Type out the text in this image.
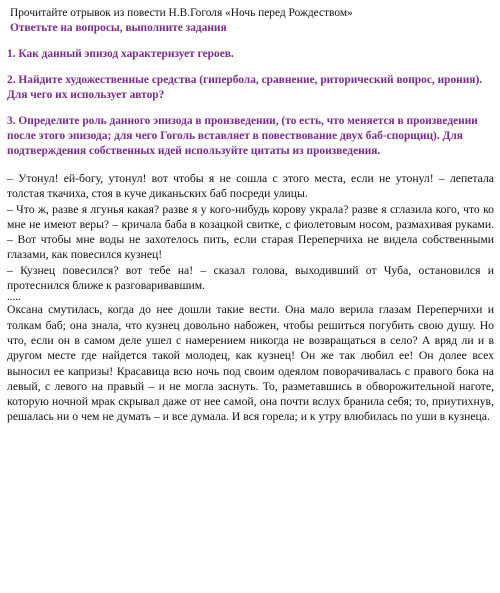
Прочитайте отрывок из повести Н.В.Гоголя «Ночь перед Рождеством»
Ответьте на вопросы, выполните задания

1. Как данный эпизод характеризует героев.

2. Найдите художественные средства (гипербола, сравнение, риторический вопрос, ирония). Для чего их использует автор?

3. Определите роль данного эпизода в произведении, (то есть, что меняется в произведении после этого эпизода; для чего Гоголь вставляет в повествование двух баб-спорщиц). Для подтверждения собственных идей используйте цитаты из произведения.

– Утонул! ей-богу, утонул! вот чтобы я не сошла с этого места, если не утонул! – лепетала толстая ткачиха, стоя в куче диканьских баб посреди улицы.

– Что ж, разве я лгунья какая? разве я у кого-нибудь корову украла? разве я сглазила кого, что ко мне не имеют веры? – кричала баба в козацкой свитке, с фиолетовым носом, размахивая руками. – Вот чтобы мне воды не захотелось пить, если старая Переперчиха не видела собственными глазами, как повесился кузнец!

– Кузнец повесился? вот тебе на! – сказал голова, выходивший от Чуба, остановился и протеснился ближе к разговаривавшим.

.....

Оксана смутилась, когда до нее дошли такие вести. Она мало верила глазам Переперчихи и толкам баб; она знала, что кузнец довольно набожен, чтобы решиться погубить свою душу. Но что, если он в самом деле ушел с намерением никогда не возвращаться в село? А вряд ли и в другом месте где найдется такой молодец, как кузнец! Он же так любил ее! Он долее всех выносил ее капризы! Красавица всю ночь под своим одеялом поворачивалась с правого бока на левый, с левого на правый – и не могла заснуть. То, разметавшись в обворожительной наготе, которую ночной мрак скрывал даже от нее самой, она почти вслух бранила себя; то, приутихнув, решалась ни о чем не думать – и все думала. И вся горела; и к утру влюбилась по уши в кузнеца.
